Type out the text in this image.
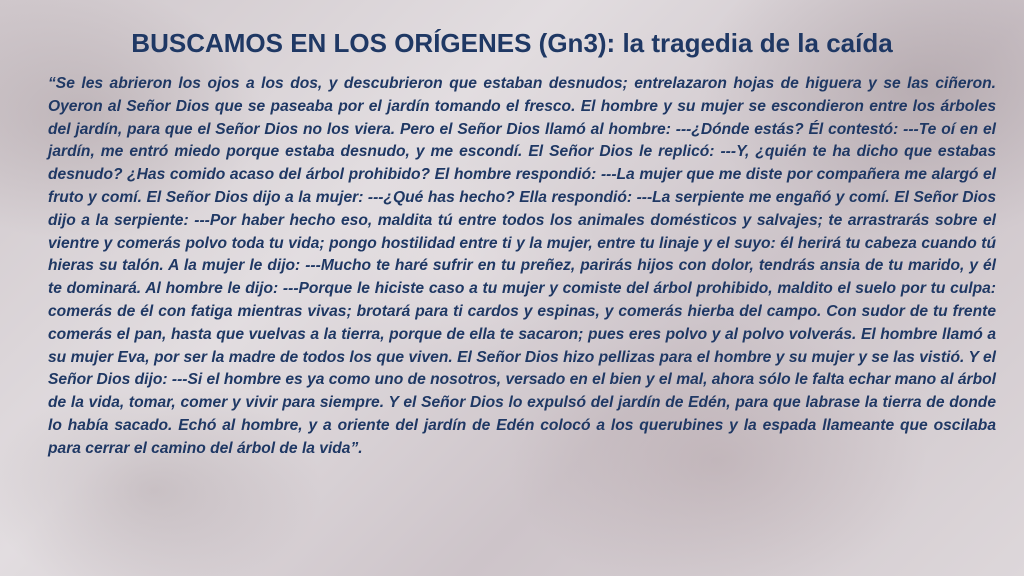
BUSCAMOS EN LOS ORÍGENES (Gn3): la tragedia de la caída

“Se les abrieron los ojos a los dos, y descubrieron que estaban desnudos; entrelazaron hojas de higuera y se las ciñeron. Oyeron al Señor Dios que se paseaba por el jardín tomando el fresco. El hombre y su mujer se escondieron entre los árboles del jardín, para que el Señor Dios no los viera. Pero el Señor Dios llamó al hombre: ---¿Dónde estás? Él contestó: ---Te oí en el jardín, me entró miedo porque estaba desnudo, y me escondí. El Señor Dios le replicó: ---Y, ¿quién te ha dicho que estabas desnudo? ¿Has comido acaso del árbol prohibido? El hombre respondió: ---La mujer que me diste por compañera me alargó el fruto y comí. El Señor Dios dijo a la mujer: ---¿Qué has hecho? Ella respondió: ---La serpiente me engañó y comí. El Señor Dios dijo a la serpiente: ---Por haber hecho eso, maldita tú entre todos los animales domésticos y salvajes; te arrastrarás sobre el vientre y comerás polvo toda tu vida; pongo hostilidad entre ti y la mujer, entre tu linaje y el suyo: él herirá tu cabeza cuando tú hieras su talón. A la mujer le dijo: ---Mucho te haré sufrir en tu preñez, parirás hijos con dolor, tendrás ansia de tu marido, y él te dominará. Al hombre le dijo: ---Porque le hiciste caso a tu mujer y comiste del árbol prohibido, maldito el suelo por tu culpa: comerás de él con fatiga mientras vivas; brotará para ti cardos y espinas, y comerás hierba del campo. Con sudor de tu frente comerás el pan, hasta que vuelvas a la tierra, porque de ella te sacaron; pues eres polvo y al polvo volverás. El hombre llamó a su mujer Eva, por ser la madre de todos los que viven. El Señor Dios hizo pellizas para el hombre y su mujer y se las vistió. Y el Señor Dios dijo: ---Si el hombre es ya como uno de nosotros, versado en el bien y el mal, ahora sólo le falta echar mano al árbol de la vida, tomar, comer y vivir para siempre. Y el Señor Dios lo expulsó del jardín de Edén, para que labrase la tierra de donde lo había sacado. Echó al hombre, y a oriente del jardín de Edén colocó a los querubines y la espada llameante que oscilaba para cerrar el camino del árbol de la vida”.
